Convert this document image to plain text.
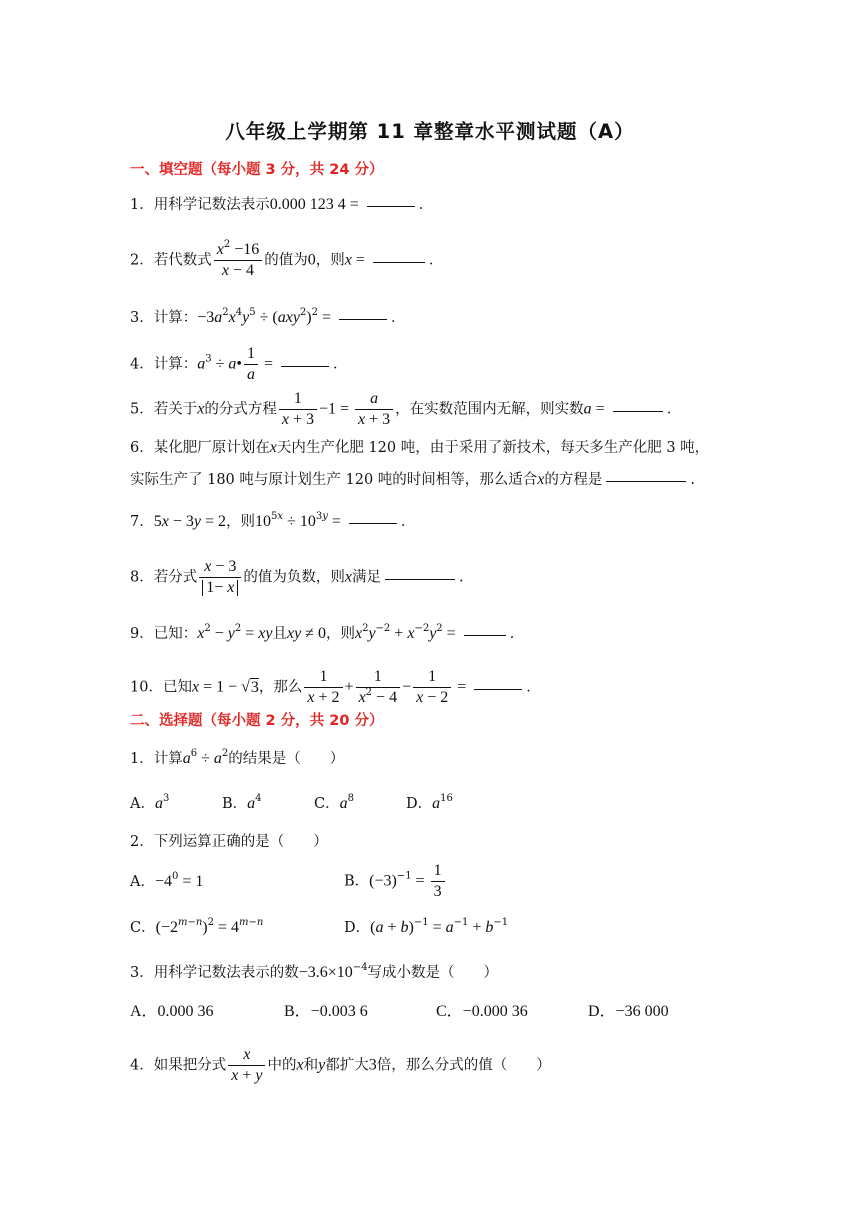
八年级上学期第 11 章整章水平测试题（A）
一、填空题（每小题 3 分，共 24 分）
1．用科学记数法表示0.000 123 4 =	．
2．若代数式 $\frac{x^2 -16}{x - 4}$ 的值为0，则x =	．
3．计算：$-3a^2x^4y^5 \div (axy^2)^2$ =	．
4．计算：$a^3$ ÷ a• $\frac{1}{a}$ =	．
5．若关于x的分式方程 $\frac{1}{x + 3} -1 = \frac{a}{x + 3}$ ，在实数范围内无解，则实数a =	．
6．某化肥厂原计划在x天内生产化肥 120 吨，由于采用了新技术，每天多生产化肥 3 吨，
实际生产了 180 吨与原计划生产 120 吨的时间相等，那么适合x的方程是	.
7．5x − 3y = 2，则$10^{5x} \div 10^{3y}$ =	．
8．若分式 $\frac{x - 3}{1- x}$ 的值为负数，则x满足	.
9．已知：$x^2 - y^2$ = xy且xy ≠ 0，则$x^2y^{-2} + x^{-2}y^2$ =	．
10．已知x = 1 − √3，那么 $\frac{1}{x + 2} + \frac{1}{x^2 - 4} - \frac{1}{x - 2}$ =	．
二、选择题（每小题 2 分，共 20 分）
1．计算$a^6 \div a^2$的结果是（　　）
A．$a^3$	B．$a^4$	C．$a^8$	D．$a^{16}$
2．下列运算正确的是（　　）
A．$-4^0 = 1$	B．$(-3)^{-1} = \frac{1}{3}$
C．$(-2^{m-n})^2 = 4^{m-n}$	D．$(a + b)^{-1} = a^{-1} + b^{-1}$
3．用科学记数法表示的数$-3.6\times 10^{-4}$写成小数是（　　）
A．0.000 36	B．−0.003 6	C．−0.000 36	D．−36 000
4．如果把分式 $\frac{x}{x + y}$ 中的x和y都扩大3倍，那么分式的值（　　）
